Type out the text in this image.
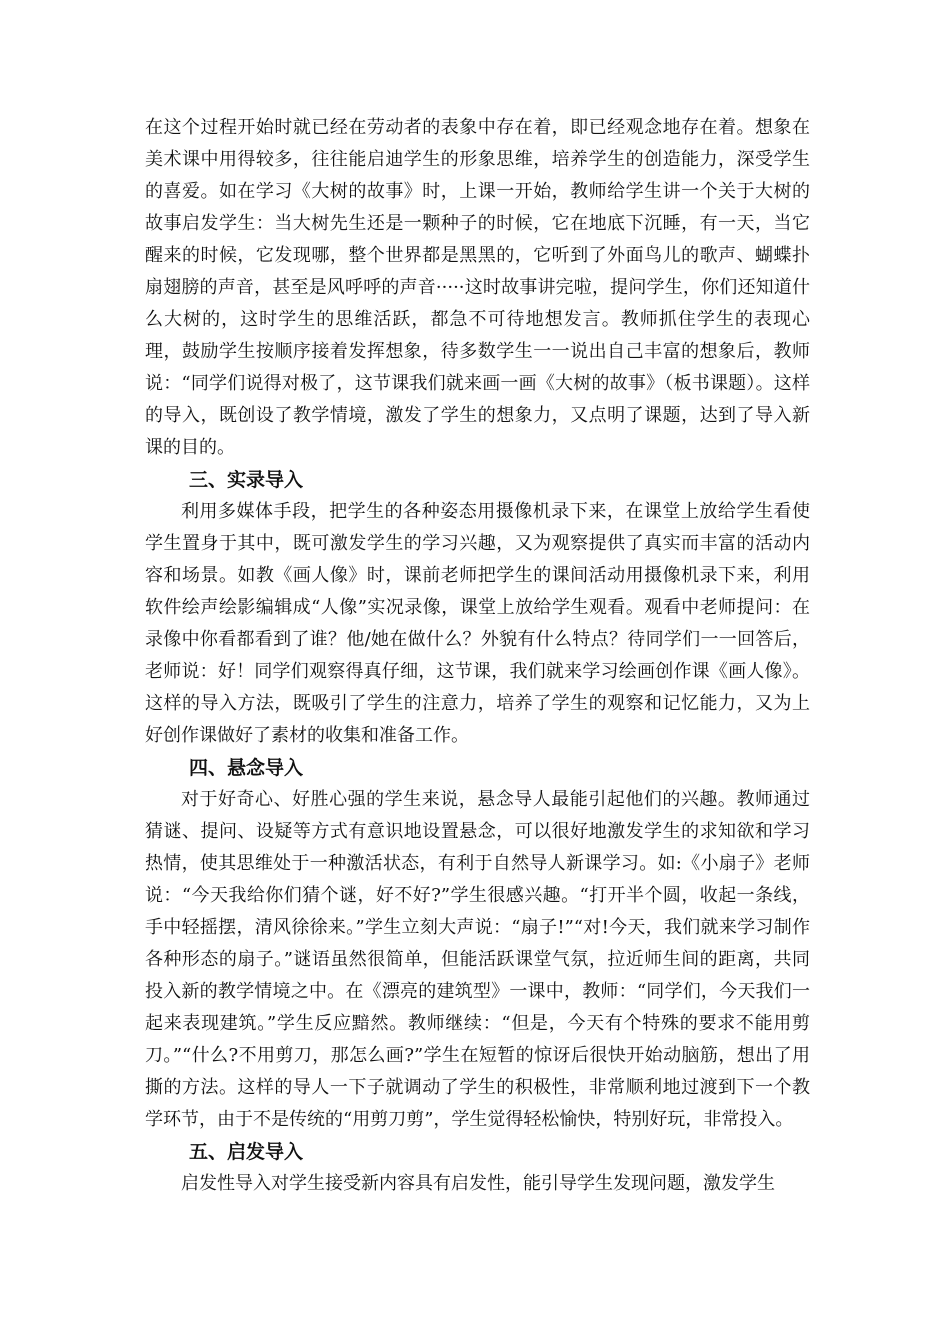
在这个过程开始时就已经在劳动者的表象中存在着，即已经观念地存在着。想象在美术课中用得较多，往往能启迪学生的形象思维，培养学生的创造能力，深受学生的喜爱。如在学习《大树的故事》时，上课一开始，教师给学生讲一个关于大树的故事启发学生：当大树先生还是一颗种子的时候，它在地底下沉睡，有一天，当它醒来的时候，它发现哪，整个世界都是黑黑的，它听到了外面鸟儿的歌声、蝴蝶扑扇翅膀的声音，甚至是风呼呼的声音·····这时故事讲完啦，提问学生，你们还知道什么大树的，这时学生的思维活跃，都急不可待地想发言。教师抓住学生的表现心理，鼓励学生按顺序接着发挥想象，待多数学生一一说出自己丰富的想象后，教师说：“同学们说得对极了，这节课我们就来画一画《大树的故事》（板书课题）。这样的导入，既创设了教学情境，激发了学生的想象力，又点明了课题，达到了导入新课的目的。

三、实录导入

利用多媒体手段，把学生的各种姿态用摄像机录下来，在课堂上放给学生看使学生置身于其中，既可激发学生的学习兴趣，又为观察提供了真实而丰富的活动内容和场景。如教《画人像》时，课前老师把学生的课间活动用摄像机录下来，利用软件绘声绘影编辑成“人像”实况录像，课堂上放给学生观看。观看中老师提问：在录像中你看都看到了谁？他/她在做什么？外貌有什么特点？待同学们一一回答后，老师说：好！同学们观察得真仔细，这节课，我们就来学习绘画创作课《画人像》。这样的导入方法，既吸引了学生的注意力，培养了学生的观察和记忆能力，又为上好创作课做好了素材的收集和准备工作。

四、悬念导入

对于好奇心、好胜心强的学生来说，悬念导人最能引起他们的兴趣。教师通过猜谜、提问、设疑等方式有意识地设置悬念，可以很好地激发学生的求知欲和学习热情，使其思维处于一种激活状态，有利于自然导人新课学习。如:《小扇子》老师说：“今天我给你们猜个谜，好不好?”学生很感兴趣。“打开半个圆，收起一条线，手中轻摇摆，清风徐徐来。”学生立刻大声说：“扇子!”“对!今天，我们就来学习制作各种形态的扇子。”谜语虽然很简单，但能活跃课堂气氛，拉近师生间的距离，共同投入新的教学情境之中。在《漂亮的建筑型》一课中，教师：“同学们，今天我们一起来表现建筑。”学生反应黯然。教师继续：“但是，今天有个特殊的要求不能用剪刀。”“什么?不用剪刀，那怎么画?”学生在短暂的惊讶后很快开始动脑筋，想出了用撕的方法。这样的导人一下子就调动了学生的积极性，非常顺利地过渡到下一个教学环节，由于不是传统的“用剪刀剪”，学生觉得轻松愉快，特别好玩，非常投入。

五、启发导入

启发性导入对学生接受新内容具有启发性，能引导学生发现问题，激发学生
